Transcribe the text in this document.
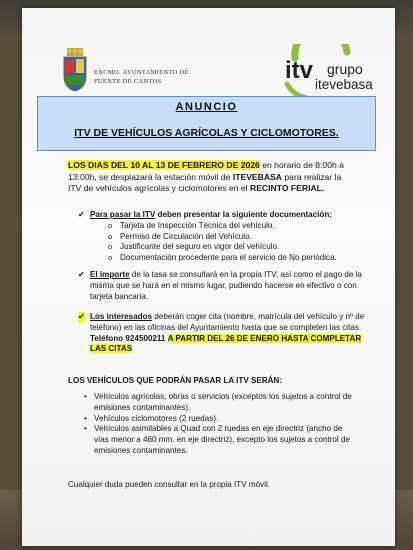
EXCMO. AYUNTAMIENTO DE
FUENTE DE CANTOS	itv grupo
itevebasa
ANUNCIO
ITV DE VEHÍCULOS AGRÍCOLAS Y CICLOMOTORES.
LOS DIAS DEL 10 AL 13 DE FEBRERO DE 2026 en horario de 8:00h a 13:00h, se desplazará la estación móvil de ITEVEBASA para realizar la ITV de vehículos agrícolas y ciclomotores en el RECINTO FERIAL.
✔ Para pasar la ITV deben presentar la siguiente documentación:
o Tarjeta de Inspección Técnica del vehículo.
o Permiso de Circulación del Vehículo.
o Justificante del seguro en vigor del vehículo.
o Documentación procedente para el servicio de No periódica.
✔ El importe de la tasa se consultará en la propia ITV, así como el pago de la misma que se hará en el mismo lugar, pudiendo hacerse en efectivo o con tarjeta bancaria.
✔ Los interesados deberán coger cita (nombre, matrícula del vehículo y nº de teléfono) en las oficinas del Ayuntamiento hasta que se completen las citas. Teléfono 924500211 A PARTIR DEL 26 DE ENERO HASTA COMPLETAR LAS CITAS
LOS VEHÍCULOS QUE PODRÁN PASAR LA ITV SERÁN:
• Vehículos agrícolas, obras o servicios (exceptos los sujetos a control de emisiones contaminantes).
• Vehículos ciclomotores (2 ruedas).
• Vehículos asimilables a Quad con 2 ruedas en eje directriz (ancho de vías menor a 460 mm. en eje directriz), excepto los sujetos a control de emisiones contaminantes.
Cualquier duda pueden consultar en la propia ITV móvil.
